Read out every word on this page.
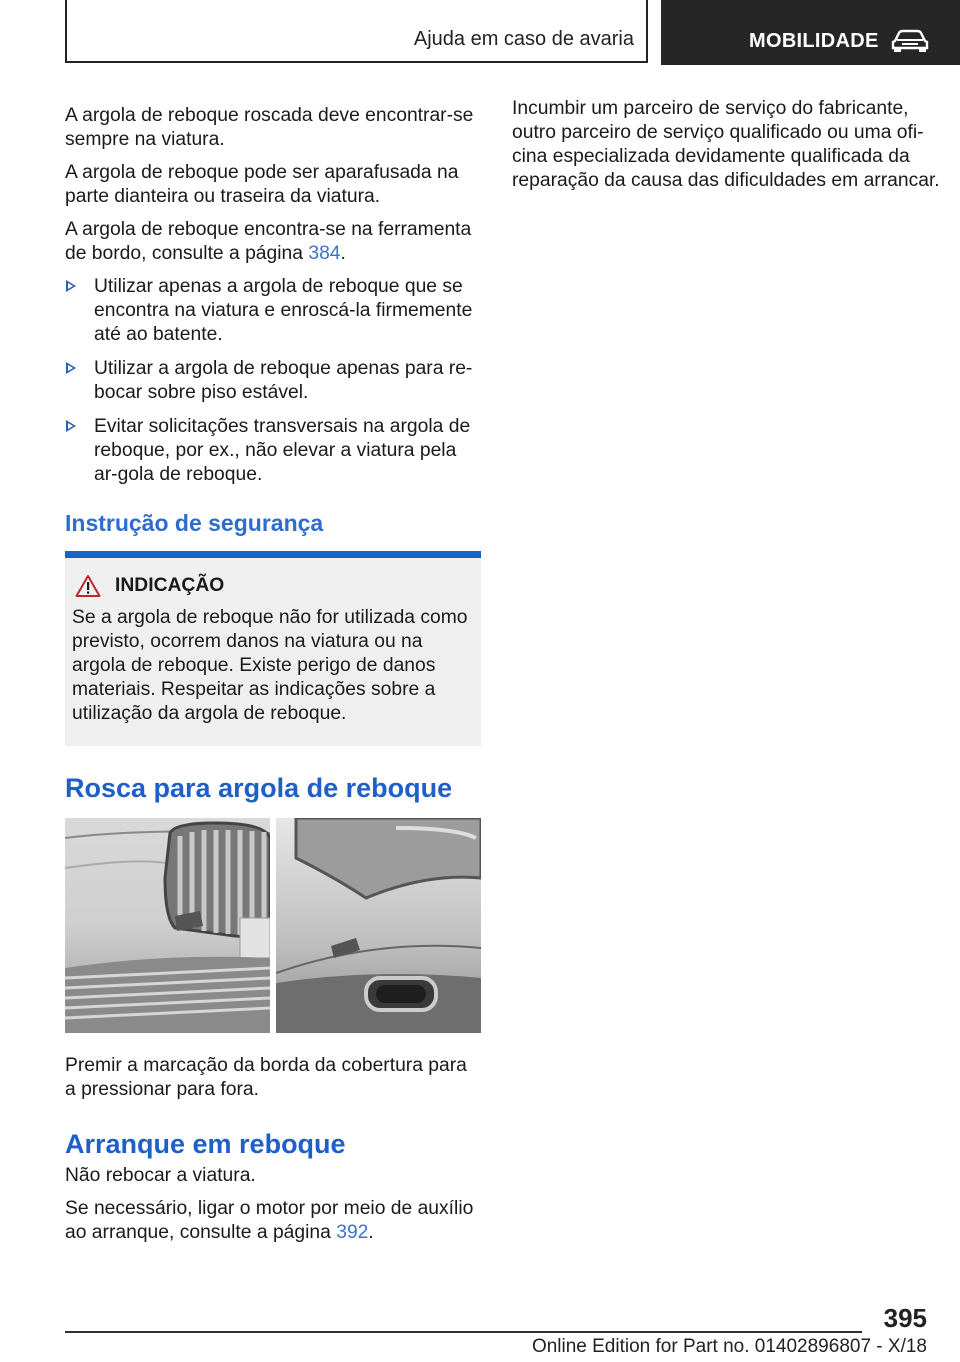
Ajuda em caso de avaria	MOBILIDADE

A argola de reboque roscada deve encontrar-se sempre na viatura.

A argola de reboque pode ser aparafusada na parte dianteira ou traseira da viatura.

A argola de reboque encontra-se na ferramenta de bordo, consulte a página 384.

Utilizar apenas a argola de reboque que se encontra na viatura e enroscá-la firmemente até ao batente.
Utilizar a argola de reboque apenas para re-bocar sobre piso estável.
Evitar solicitações transversais na argola de reboque, por ex., não elevar a viatura pela ar-gola de reboque.
Instrução de segurança
INDICAÇÃO
Se a argola de reboque não for utilizada como previsto, ocorrem danos na viatura ou na argola de reboque. Existe perigo de danos materiais. Respeitar as indicações sobre a utilização da argola de reboque.
Rosca para argola de reboque

Premir a marcação da borda da cobertura para a pressionar para fora.

Arranque em reboque

Não rebocar a viatura.

Se necessário, ligar o motor por meio de auxílio ao arranque, consulte a página 392.

Incumbir um parceiro de serviço do fabricante, outro parceiro de serviço qualificado ou uma ofi-cina especializada devidamente qualificada da reparação da causa das dificuldades em arrancar.

395
Online Edition for Part no. 01402896807 - X/18
